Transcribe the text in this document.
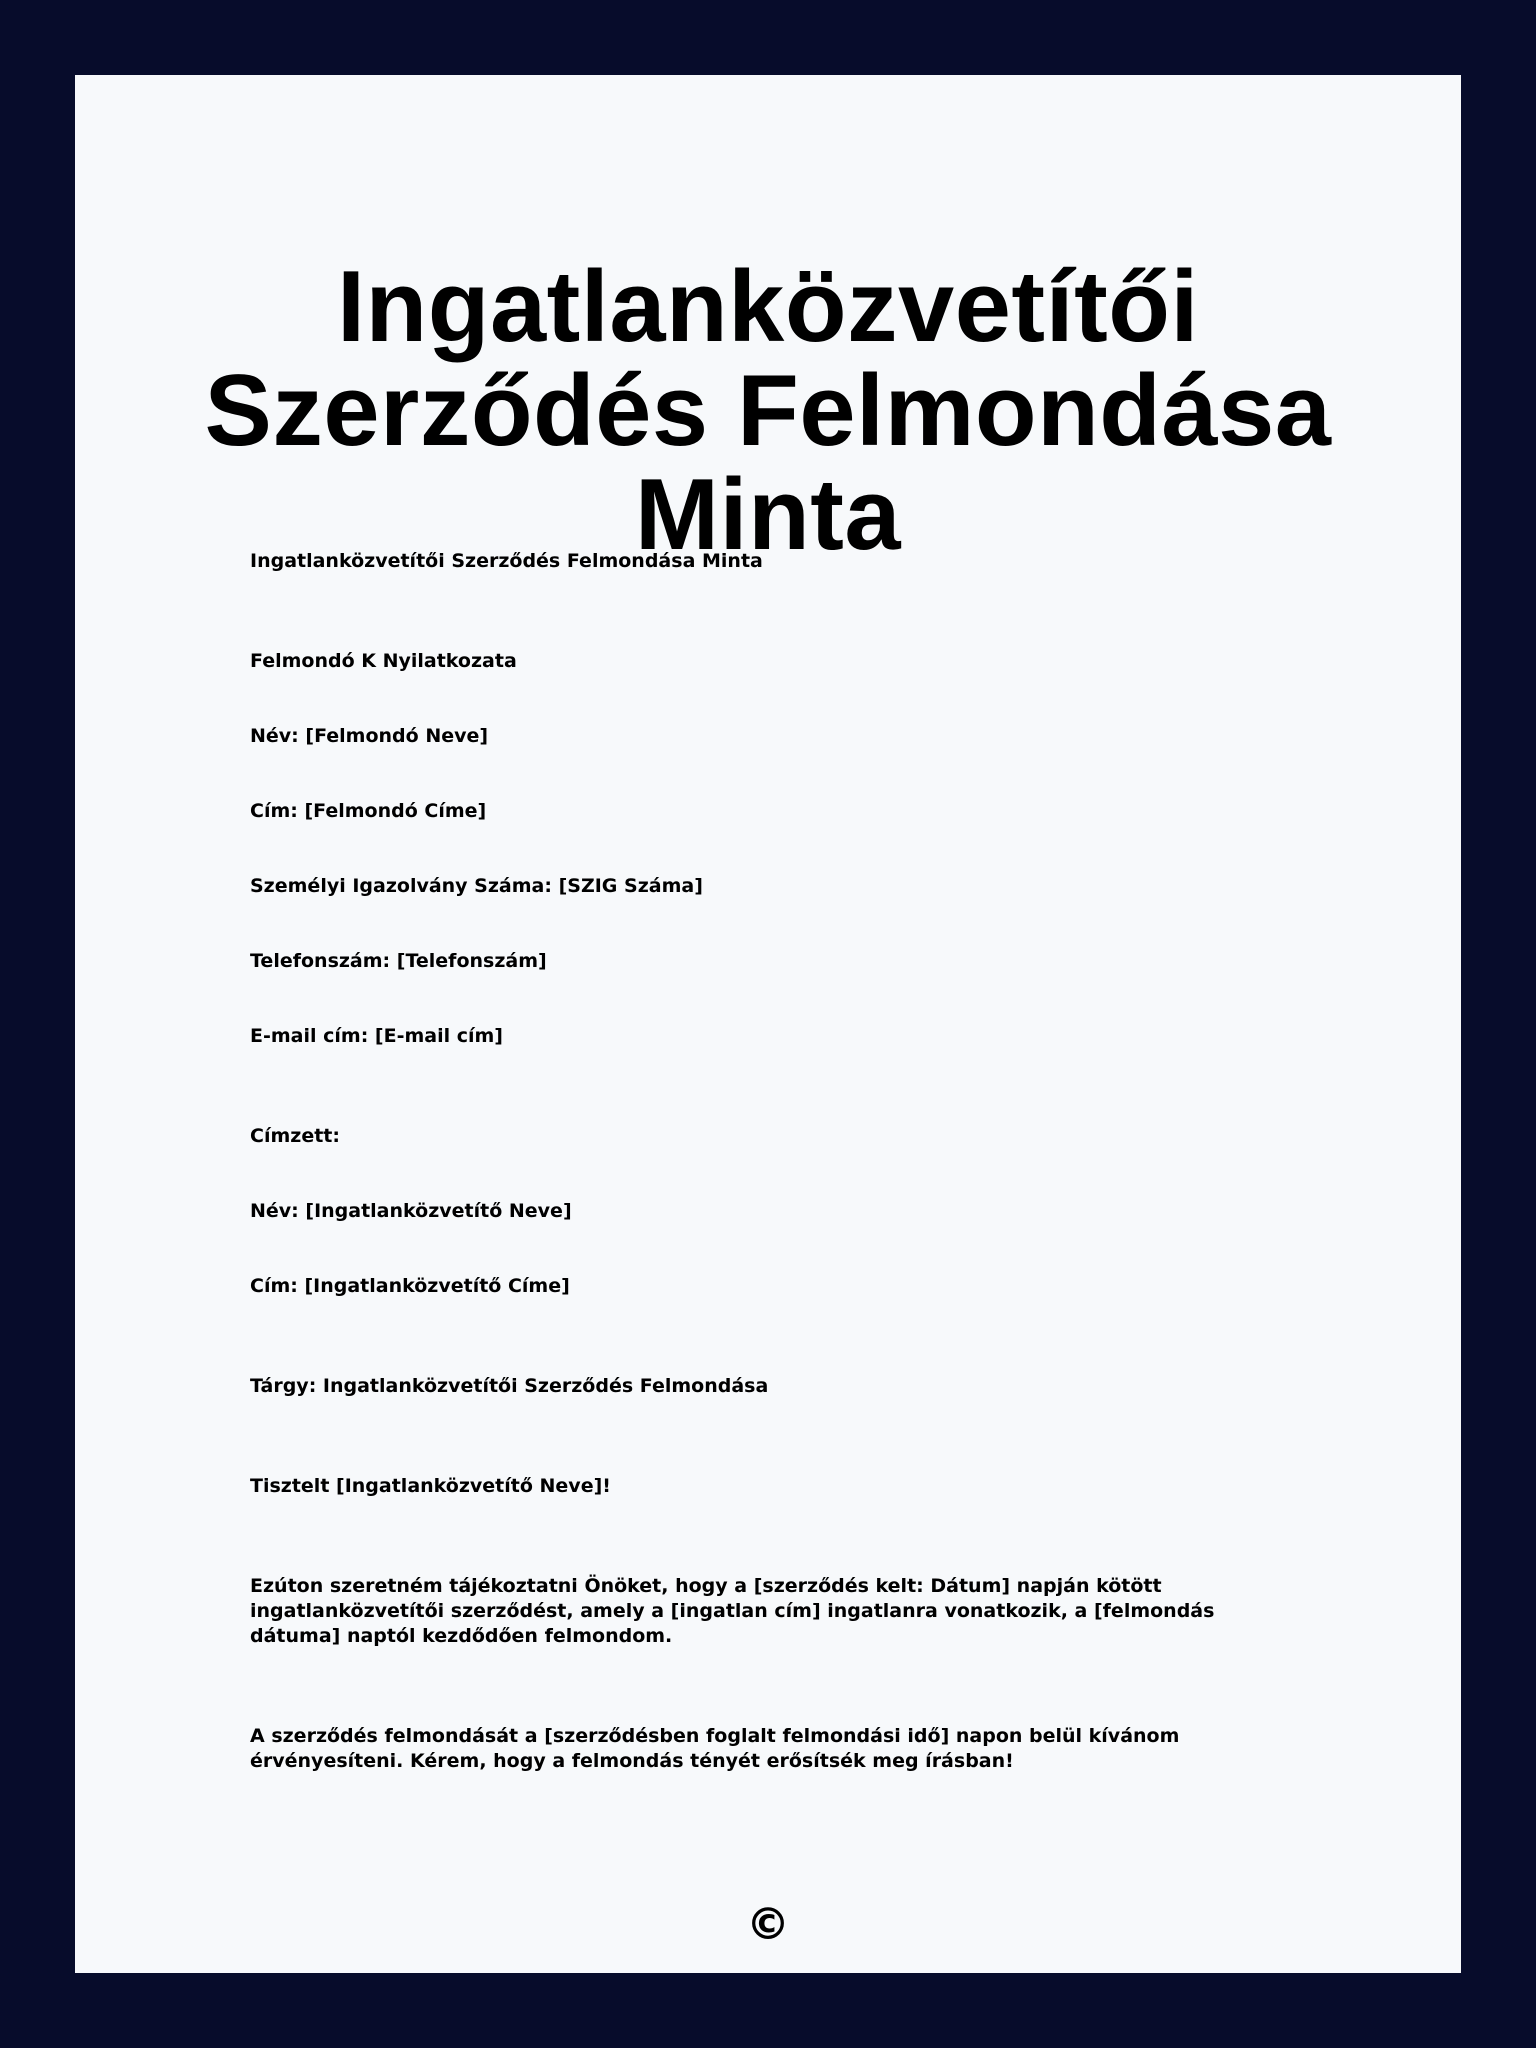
Ingatlanközvetítői Szerződés Felmondása Minta

Ingatlanközvetítői Szerződés Felmondása Minta

Felmondó K Nyilatkozata

Név: [Felmondó Neve]

Cím: [Felmondó Címe]

Személyi Igazolvány Száma: [SZIG Száma]

Telefonszám: [Telefonszám]

E-mail cím: [E-mail cím]

Címzett:

Név: [Ingatlanközvetítő Neve]

Cím: [Ingatlanközvetítő Címe]

Tárgy: Ingatlanközvetítői Szerződés Felmondása

Tisztelt [Ingatlanközvetítő Neve]!

Ezúton szeretném tájékoztatni Önöket, hogy a [szerződés kelt: Dátum] napján kötött ingatlanközvetítői szerződést, amely a [ingatlan cím] ingatlanra vonatkozik, a [felmondás dátuma] naptól kezdődően felmondom.

A szerződés felmondását a [szerződésben foglalt felmondási idő] napon belül kívánom érvényesíteni. Kérem, hogy a felmondás tényét erősítsék meg írásban!

©
